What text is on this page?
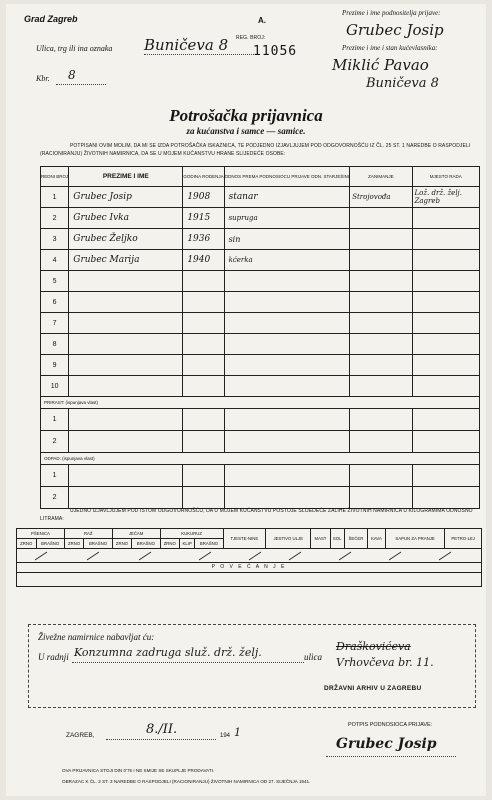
Grad Zagreb	A.
Ulica, trg ili ina oznaka Buničeva 8 REG. BROJ:
11056
Kbr. 8
Prezime i ime podnositelja prijave:
Grubec Josip
Prezime i ime i stan kućevlasnika:
Miklić Pavao
Buničeva 8
Potrošačka prijavnica
za kućanstva i samce — samice.
POTPISANI OVIM MOLIM, DA MI SE IZDA POTROŠAČKA ISKAZNICA, TE PODJEDNO IZJAVLJUJEM POD ODGOVORNOŠĆU IZ ČL. 25 ST. 1 NAREDBE O RASPODJELI (RACIONIRANJU) ŽIVOTNIH NAMIRNICA, DA SE U MOJEM KUĆANSTVU HRANE SLIJEDEĆE OSOBE:
REDNI BROJ	PREZIME I IME	GODINA RODENJA	ODNOS PREMA PODNOSIOCU PRIJAVE ODN. STARJEŠINI	ZANIMANJE	MJESTO RADA
1	Grubec Josip	1908	stanar	Strojovođa	Lož. drž. želj. Zagreb
2	Grubec Ivka	1915	supruga		
3	Grubec Željko	1936	sin		
4	Grubec Marija	1940	kćerka		
5					
6					
7					
8					
9					
10					
PRIRAST: (ispunjava vlast)					
1					
2					
ODPAD: (ispunjava vlast)					
1					
2					
UJEDNO IZJAVLJUJEM POD ISTOM ODGOVORNOŠĆU, DA U MOJEM KUĆANSTVU POSTOJE SLIJEDEĆE ZALIHE ŽIVOTNIH NAMIRNICA U KILOGRAMIMA ODNOSNO LITRAMA:
PŠENICA		RAŽ		JEČAM		KUKURUZ			TJESTE-NINE	JESTIVO ULJE	MAST	SOL	ŠEĆER	KAVA	SAPUN ZA PRANJE	PETRO-LEJ
ZRNO	BRAŠNO	ZRNO	BRAŠNO	ZRNO	BRAŠNO	ZRNO	KLIP	BRAŠNO								

P O V E Ć A N J E																

Živežne namirnice nabavljat ću:
U radnji Konzumna zadruga služ. drž. želj.	ulica
Draškovićeva
Vrhovčeva br. 11.
DRŽAVNI ARHIV U ZAGREBU
ZAGREB,	8./II.	194 1
POTPIS PODNOSIOCA PRIJAVE:
Grubec Josip
OVA PRIJAVNICA STOJI DIN 0'75 I NE SMIJE SE SKUPLJE PRODAVATI.
OBRAZAC K ČL. 2 ST. 3 NAREDBE O RASPODJELI (RACIONIRANJU) ŽIVOTNIH NAMIRNICA OD 27. SIJEČNJA 1941.
